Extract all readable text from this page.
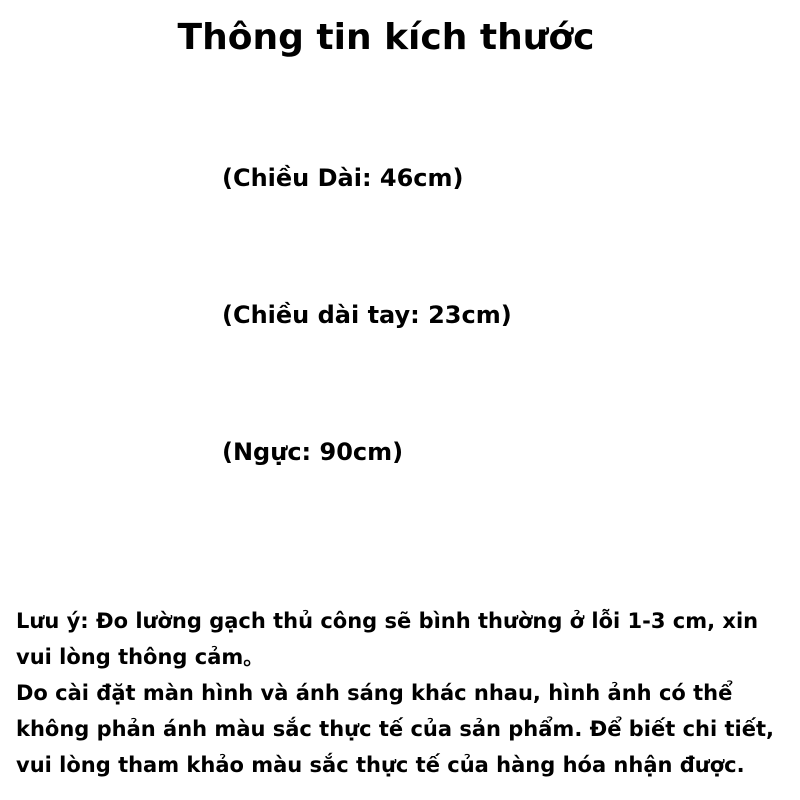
Thông tin kích thước
(Chiều Dài: 46cm)
(Chiều dài tay: 23cm)
(Ngực: 90cm)

Lưu ý: Đo lường gạch thủ công sẽ bình thường ở lỗi 1-3 cm, xin vui lòng thông cảm。

Do cài đặt màn hình và ánh sáng khác nhau, hình ảnh có thể không phản ánh màu sắc thực tế của sản phẩm. Để biết chi tiết, vui lòng tham khảo màu sắc thực tế của hàng hóa nhận được.
